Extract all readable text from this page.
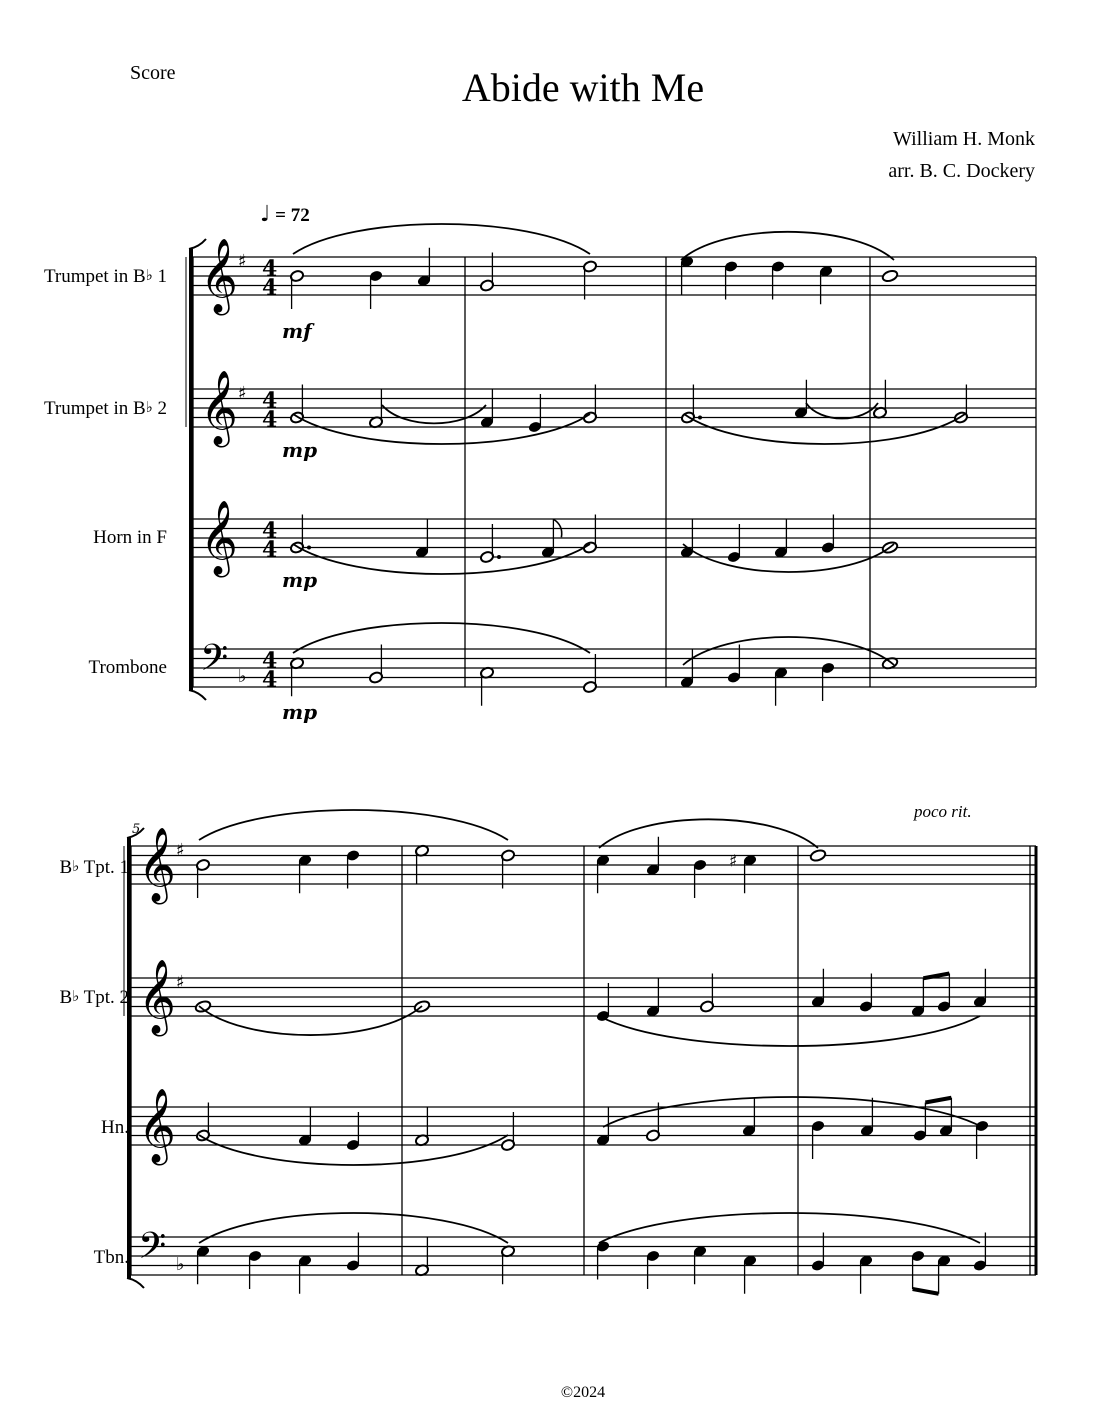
Score	Abide with Me
William H. Monk
arr. B. C. Dockery
♩ = 72
Trumpet in B♭ 1
Trumpet in B♭ 2
Horn in F
Trombone
B♭ Tpt. 1
B♭ Tpt. 2
Hn.
Tbn.
poco rit.
©2024
𝄞
𝄞
𝄞
𝄢
♯
♯
♭
4
4
4
4
4
4
4
4
mf
mp
mp
mp
5
𝄞
𝄞
𝄞
𝄢
♯
♯
♭
♯
